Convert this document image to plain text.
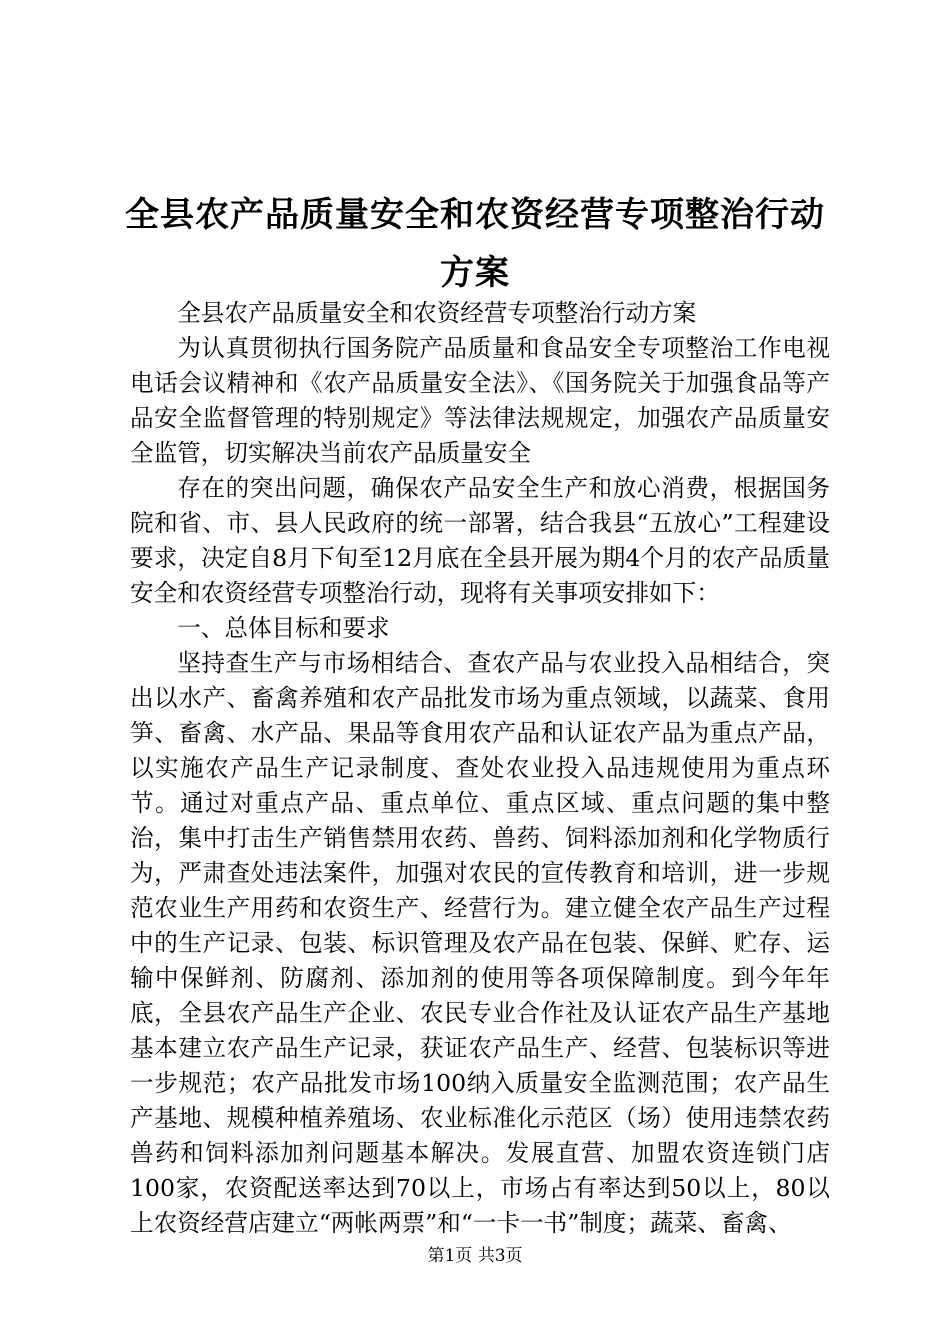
全县农产品质量安全和农资经营专项整治行动方案

全县农产品质量安全和农资经营专项整治行动方案

为认真贯彻执行国务院产品质量和食品安全专项整治工作电视电话会议精神和《农产品质量安全法》、《国务院关于加强食品等产品安全监督管理的特别规定》等法律法规规定，加强农产品质量安全监管，切实解决当前农产品质量安全

存在的突出问题，确保农产品安全生产和放心消费，根据国务院和省、市、县人民政府的统一部署，结合我县“五放心”工程建设要求，决定自8月下旬至12月底在全县开展为期4个月的农产品质量安全和农资经营专项整治行动，现将有关事项安排如下：

一、总体目标和要求

坚持查生产与市场相结合、查农产品与农业投入品相结合，突出以水产、畜禽养殖和农产品批发市场为重点领域，以蔬菜、食用笋、畜禽、水产品、果品等食用农产品和认证农产品为重点产品，以实施农产品生产记录制度、查处农业投入品违规使用为重点环节。通过对重点产品、重点单位、重点区域、重点问题的集中整治，集中打击生产销售禁用农药、兽药、饲料添加剂和化学物质行为，严肃查处违法案件，加强对农民的宣传教育和培训，进一步规范农业生产用药和农资生产、经营行为。建立健全农产品生产过程中的生产记录、包装、标识管理及农产品在包装、保鲜、贮存、运输中保鲜剂、防腐剂、添加剂的使用等各项保障制度。到今年年底，全县农产品生产企业、农民专业合作社及认证农产品生产基地基本建立农产品生产记录，获证农产品生产、经营、包装标识等进一步规范；农产品批发市场100纳入质量安全监测范围；农产品生产基地、规模种植养殖场、农业标准化示范区（场）使用违禁农药兽药和饲料添加剂问题基本解决。发展直营、加盟农资连锁门店100家，农资配送率达到70以上，市场占有率达到50以上，80以上农资经营店建立“两帐两票”和“一卡一书”制度；蔬菜、畜禽、

第1页 共3页
